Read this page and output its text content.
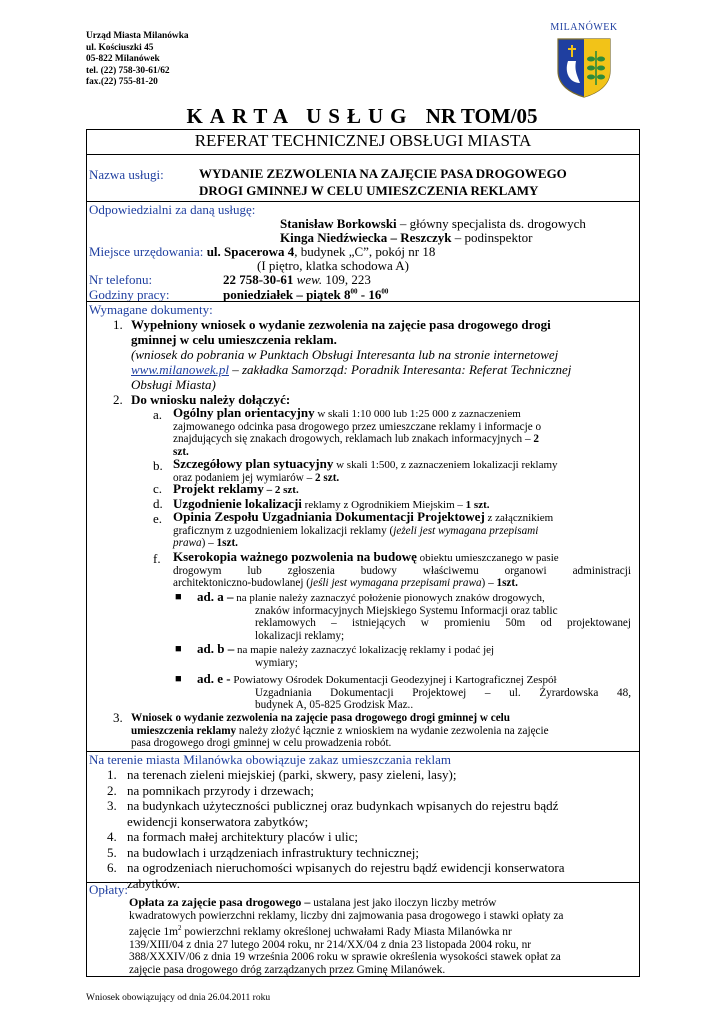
Urząd Miasta Milanówka
ul. Kościuszki 45
05-822 Milanówek
tel. (22) 758-30-61/62
fax.(22) 755-81-20
MILANÓWEK
KARTA USŁUG NR TOM/05
REFERAT TECHNICZNEJ OBSŁUGI MIASTA
Nazwa usługi:	WYDANIE ZEZWOLENIA NA ZAJĘCIE PASA DROGOWEGO
DROGI GMINNEJ W CELU UMIESZCZENIA REKLAMY
Odpowiedzialni za daną usługę:
Stanisław Borkowski – główny specjalista ds. drogowych
Kinga Niedźwiecka – Reszczyk – podinspektor
Miejsce urzędowania: ul. Spacerowa 4, budynek „C”, pokój nr 18
(I piętro, klatka schodowa A)
Nr telefonu:	22 758-30-61 wew. 109, 223
Godziny pracy:	poniedziałek – piątek $8^{00} - 16^{00}$
Wymagane dokumenty:
1. Wypełniony wniosek o wydanie zezwolenia na zajęcie pasa drogowego drogi
gminnej w celu umieszczenia reklam.
(wniosek do pobrania w Punktach Obsługi Interesanta lub na stronie internetowej
www.milanowek.pl – zakładka Samorząd: Poradnik Interesanta: Referat Technicznej
Obsługi Miasta)
2. Do wniosku należy dołączyć:
a. Ogólny plan orientacyjny w skali 1:10 000 lub 1:25 000 z zaznaczeniem
zajmowanego odcinka pasa drogowego przez umieszczane reklamy i informacje o
znajdujących się znakach drogowych, reklamach lub znakach informacyjnych – 2
szt.
b. Szczegółowy plan sytuacyjny w skali 1:500, z zaznaczeniem lokalizacji reklamy
oraz podaniem jej wymiarów – 2 szt.
c. Projekt reklamy – 2 szt.
d. Uzgodnienie lokalizacji reklamy z Ogrodnikiem Miejskim – 1 szt.
e. Opinia Zespołu Uzgadniania Dokumentacji Projektowej z załącznikiem
graficznym z uzgodnieniem lokalizacji reklamy (jeżeli jest wymagana przepisami
prawa) – 1szt.
f. Kserokopia ważnego pozwolenia na budowę obiektu umieszczanego w pasie
drogowym lub zgłoszenia budowy właściwemu organowi administracji
architektoniczno-budowlanej (jeśli jest wymagana przepisami prawa) – 1szt.
■ ad. a – na planie należy zaznaczyć położenie pionowych znaków drogowych,
znaków informacyjnych Miejskiego Systemu Informacji oraz tablic
reklamowych – istniejących w promieniu 50m od projektowanej
lokalizacji reklamy;
■ ad. b – na mapie należy zaznaczyć lokalizację reklamy i podać jej
wymiary;
■ ad. e - Powiatowy Ośrodek Dokumentacji Geodezyjnej i Kartograficznej Zespół
Uzgadniania Dokumentacji Projektowej – ul. Żyrardowska 48,
budynek A, 05-825 Grodzisk Maz..
3. Wniosek o wydanie zezwolenia na zajęcie pasa drogowego drogi gminnej w celu
umieszczenia reklamy należy złożyć łącznie z wnioskiem na wydanie zezwolenia na zajęcie
pasa drogowego drogi gminnej w celu prowadzenia robót.
Na terenie miasta Milanówka obowiązuje zakaz umieszczania reklam
1. na terenach zieleni miejskiej (parki, skwery, pasy zieleni, lasy);
2. na pomnikach przyrody i drzewach;
3. na budynkach użyteczności publicznej oraz budynkach wpisanych do rejestru bądź
ewidencji konserwatora zabytków;
4. na formach małej architektury placów i ulic;
5. na budowlach i urządzeniach infrastruktury technicznej;
6. na ogrodzeniach nieruchomości wpisanych do rejestru bądź ewidencji konserwatora
zabytków.
Opłaty:
Opłata za zajęcie pasa drogowego – ustalana jest jako iloczyn liczby metrów
kwadratowych powierzchni reklamy, liczby dni zajmowania pasa drogowego i stawki opłaty za
zajęcie $1m^2$ powierzchni reklamy określonej uchwałami Rady Miasta Milanówka nr
139/XIII/04 z dnia 27 lutego 2004 roku, nr 214/XX/04 z dnia 23 listopada 2004 roku, nr
388/XXXIV/06 z dnia 19 września 2006 roku w sprawie określenia wysokości stawek opłat za
zajęcie pasa drogowego dróg zarządzanych przez Gminę Milanówek.
Wniosek obowiązujący od dnia 26.04.2011 roku
